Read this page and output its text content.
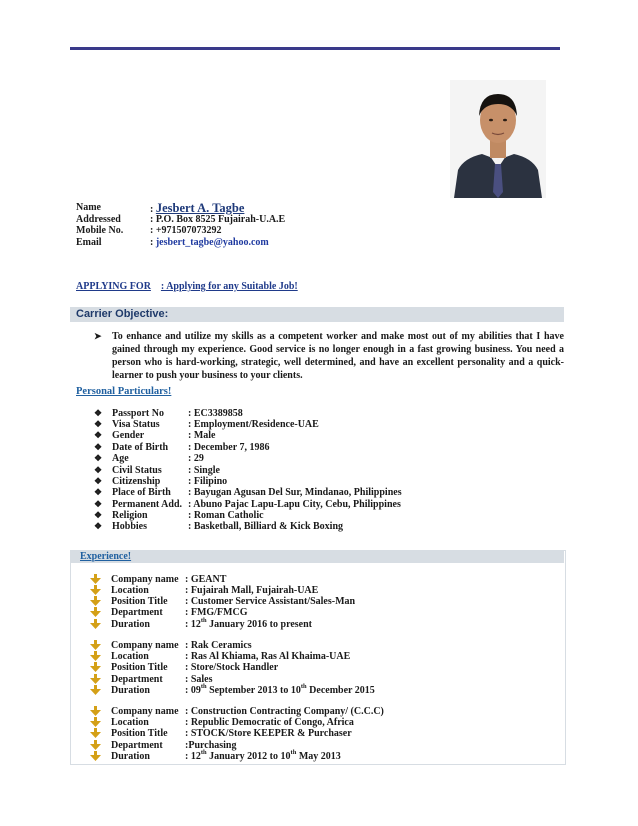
Name	: Jesbert A. Tagbe
Addressed	: P.O. Box 8525 Fujairah-U.A.E
Mobile No.	: +971507073292
Email	: jesbert_tagbe@yahoo.com
APPLYING FOR : Applying for any Suitable Job!
Carrier Objective:
➤ To enhance and utilize my skills as a competent worker and make most out of my abilities that I have gained through my experience. Good service is no longer enough in a fast growing business. You need a person who is hard-working, strategic, well determined, and have an excellent personality and a quick-learner to push your business to your clients.
Personal Particulars!
❖ Passport No : EC3389858
❖ Visa Status	: Employment/Residence-UAE
❖ Gender	: Male
❖ Date of Birth : December 7, 1986
❖ Age	: 29
❖ Civil Status	: Single
❖ Citizenship	: Filipino
❖ Place of Birth : Bayugan Agusan Del Sur, Mindanao, Philippines
❖ Permanent Add. : Abuno Pajac Lapu-Lapu City, Cebu, Philippines
❖ Religion	: Roman Catholic
❖ Hobbies	: Basketball, Billiard & Kick Boxing
Experience!
Company name : GEANT
Location	: Fujairah Mall, Fujairah-UAE
Position Title : Customer Service Assistant/Sales-Man
Department : FMG/FMCG
Duration	: 12th January 2016 to present
Company name : Rak Ceramics
Location	: Ras Al Khiama, Ras Al Khaima-UAE
Position Title : Store/Stock Handler
Department : Sales
Duration	: 09th September 2013 to 10th December 2015
Company name : Construction Contracting Company/ (C.C.C)
Location	: Republic Democratic of Congo, Africa
Position Title : STOCK/Store KEEPER & Purchaser
Department :Purchasing
Duration	: 12th January 2012 to 10th May 2013
